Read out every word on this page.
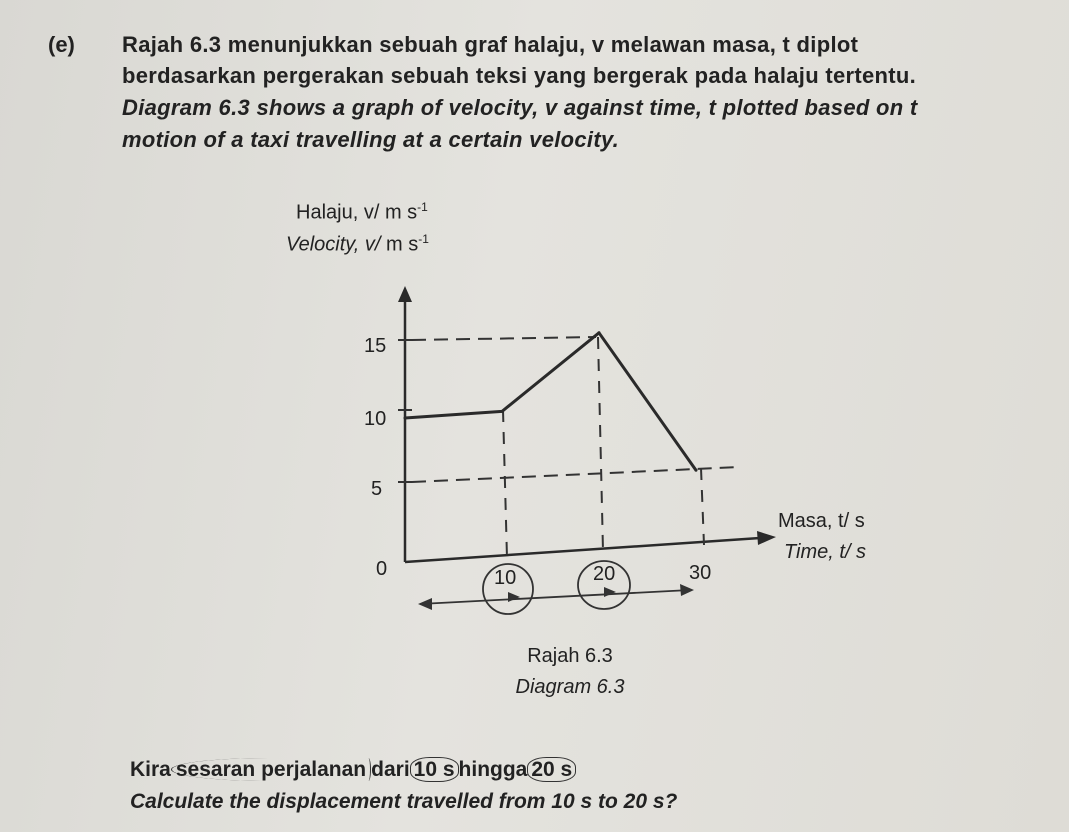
(e) Rajah 6.3 menunjukkan sebuah graf halaju, v melawan masa, t diplot
berdasarkan pergerakan sebuah teksi yang bergerak pada halaju tertentu.
Diagram 6.3 shows a graph of velocity, v against time, t plotted based on t
motion of a taxi travelling at a certain velocity.
Halaju, v/ m $s^{-1}$
Velocity, v/ m $s^{-1}$
Masa, t/ s
Time, t/ s
15
10
5
0	10	20	30
Rajah 6.3
Diagram 6.3
Kira sesaran perjalanan dari 10 s hingga 20 s
Calculate the displacement travelled from 10 s to 20 s?
